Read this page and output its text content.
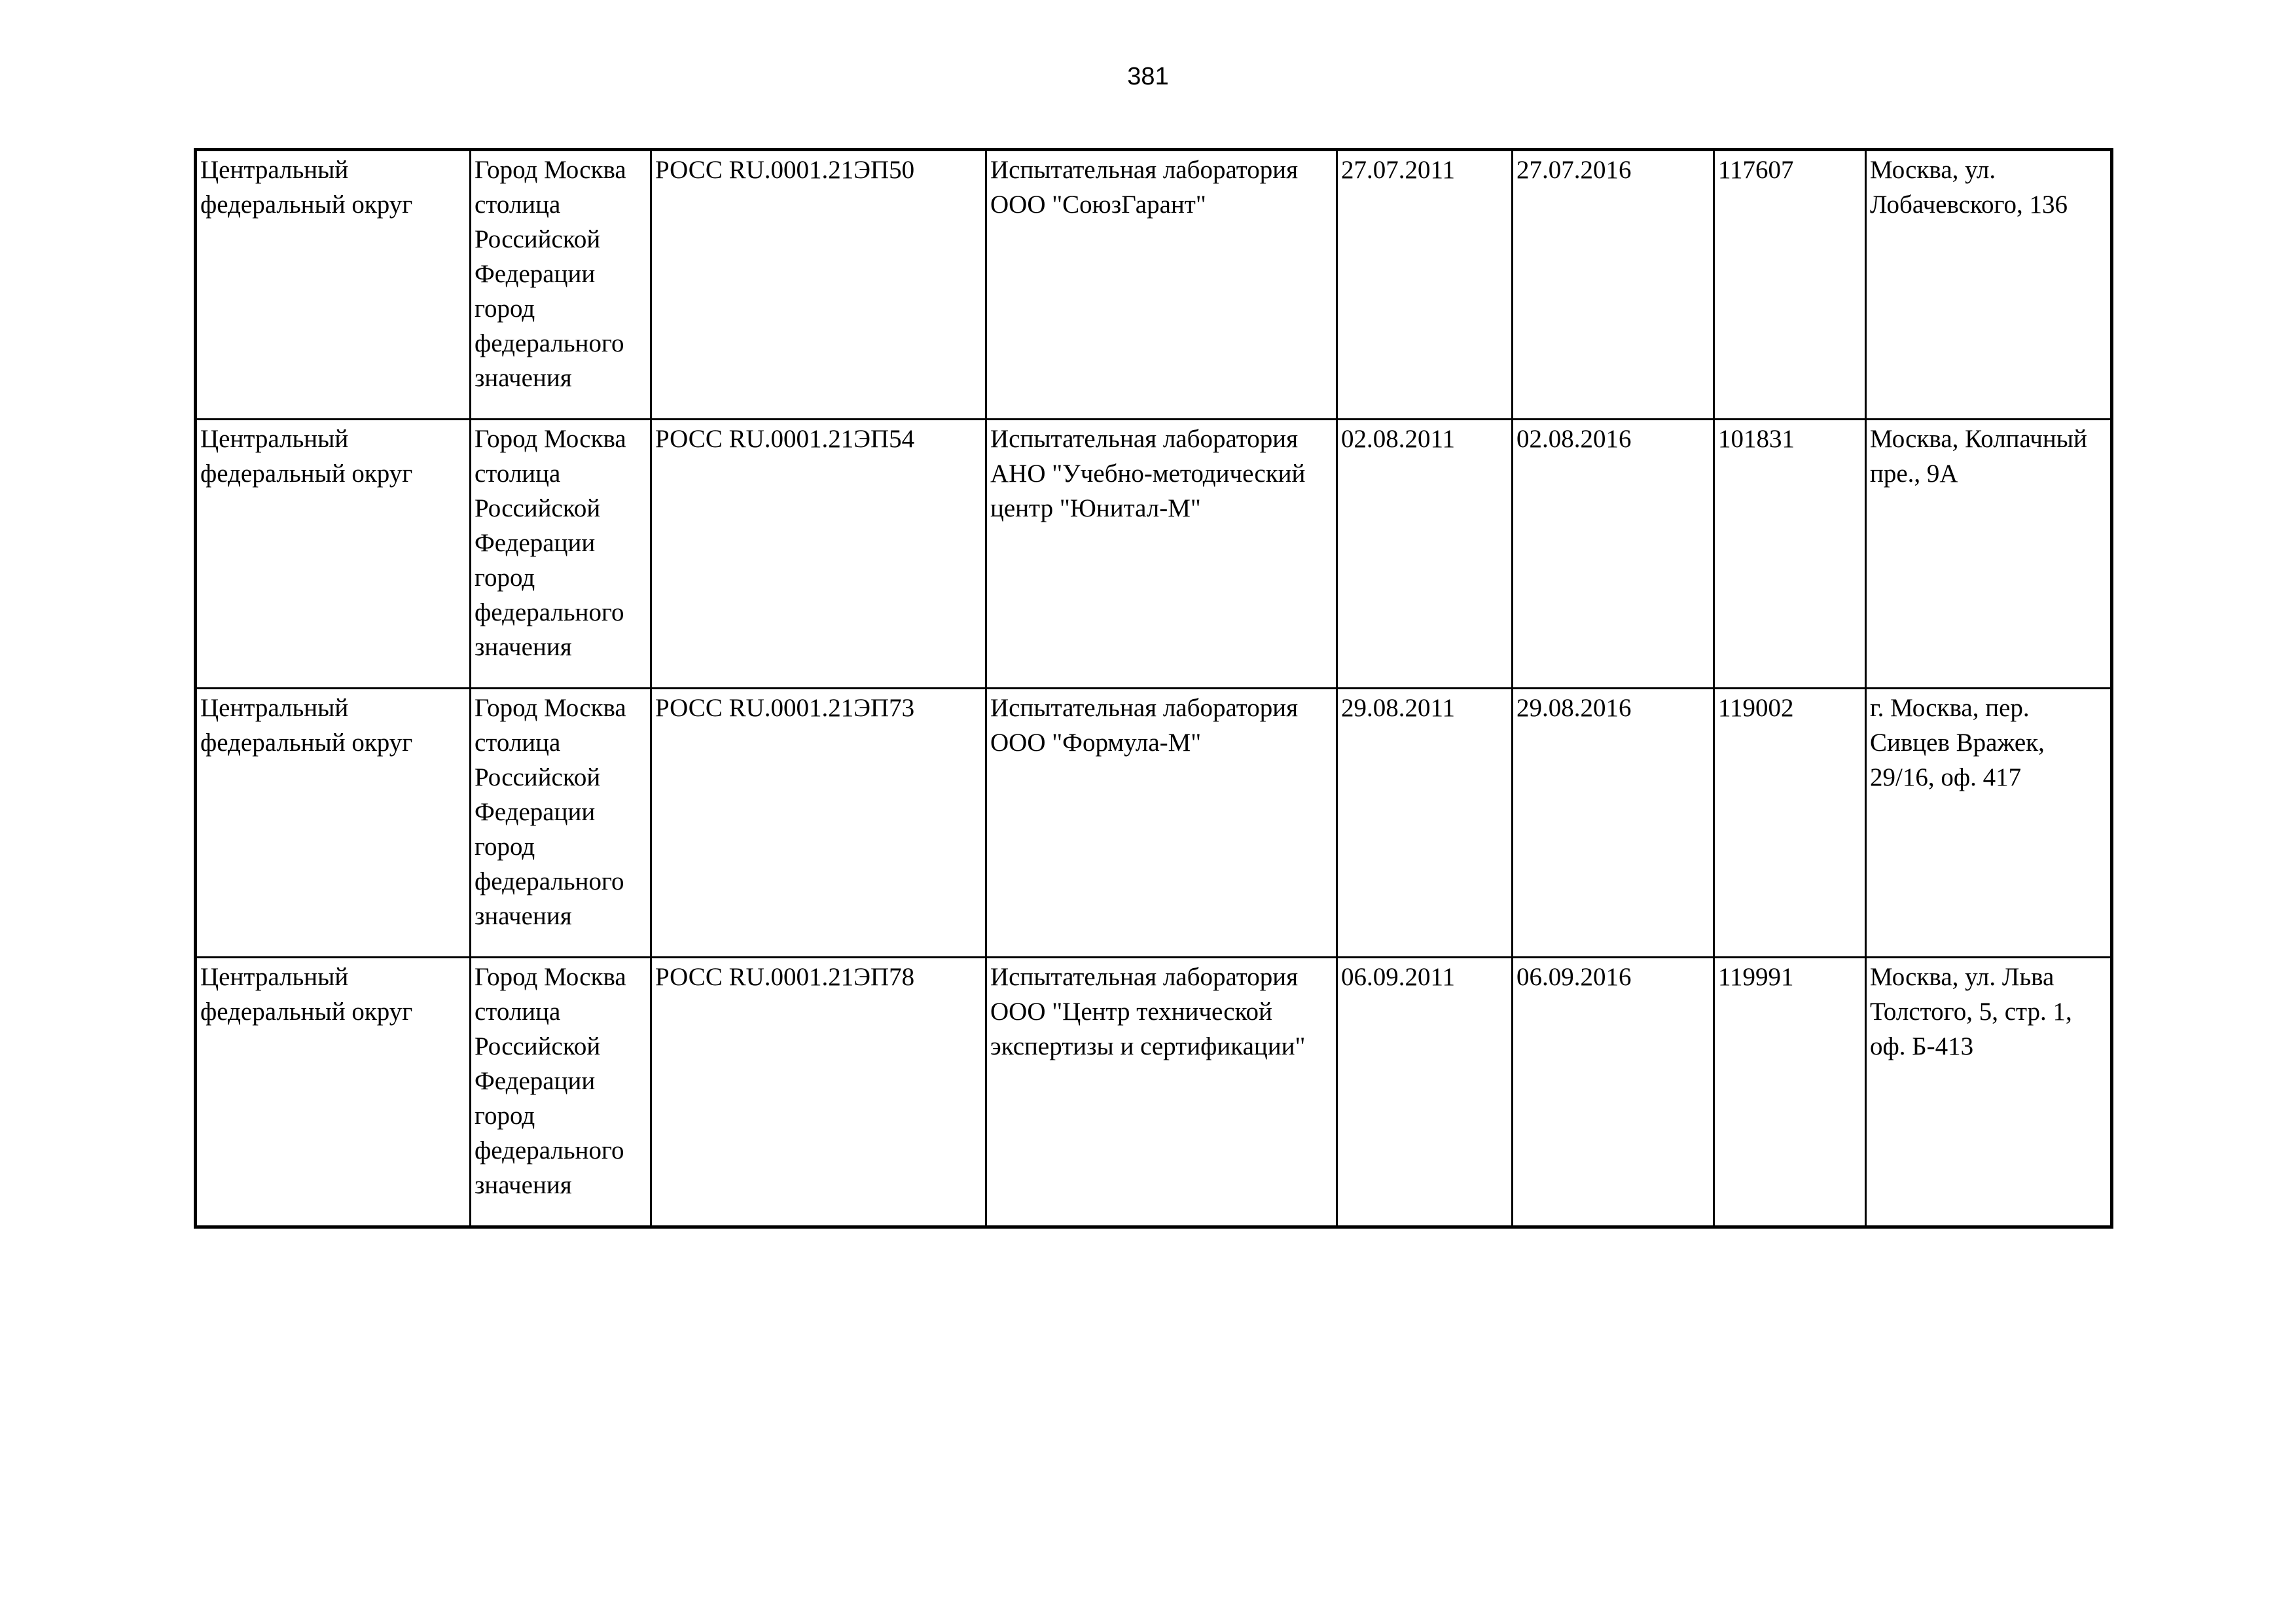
381
Центральный федеральный округ	Город Москва столица Российской Федерации город федерального значения	РОСС RU.0001.21ЭП50	Испытательная лаборатория ООО "СоюзГарант"	27.07.2011	27.07.2016	117607	Москва, ул. Лобачевского, 136

Центральный федеральный округ	Город Москва столица Российской Федерации город федерального значения	РОСС RU.0001.21ЭП54	Испытательная лаборатория АНО "Учебно-методический центр "Юнитал-М"	02.08.2011	02.08.2016	101831	Москва, Колпачный пре., 9А

Центральный федеральный округ	Город Москва столица Российской Федерации город федерального значения	РОСС RU.0001.21ЭП73	Испытательная лаборатория ООО "Формула-М"	29.08.2011	29.08.2016	119002	г. Москва, пер. Сивцев Вражек, 29/16, оф. 417

Центральный федеральный округ	Город Москва столица Российской Федерации город федерального значения	РОСС RU.0001.21ЭП78	Испытательная лаборатория ООО "Центр технической экспертизы и сертификации"	06.09.2011	06.09.2016	119991	Москва, ул. Льва Толстого, 5, стр. 1, оф. Б-413
